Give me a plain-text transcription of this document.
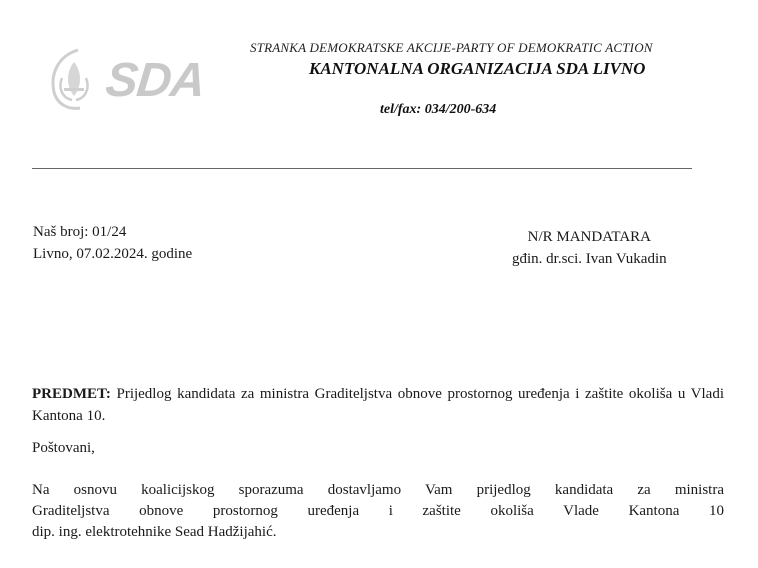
SDA
STRANKA DEMOKRATSKE AKCIJE-PARTY OF DEMOKRATIC ACTION
KANTONALNA ORGANIZACIJA SDA LIVNO
tel/fax: 034/200-634
Naš broj: 01/24
Livno, 07.02.2024. godine
N/R MANDATARA
gđin. dr.sci. Ivan Vukadin
PREDMET: Prijedlog kandidata za ministra Graditeljstva obnove prostornog uređenja i zaštite okoliša u Vladi Kantona 10.
Poštovani,
Na osnovu koalicijskog sporazuma dostavljamo Vam prijedlog kandidata za ministra
Graditeljstva obnove prostornog uređenja i zaštite okoliša Vlade Kantona 10
dip. ing. elektrotehnike Sead Hadžijahić.
